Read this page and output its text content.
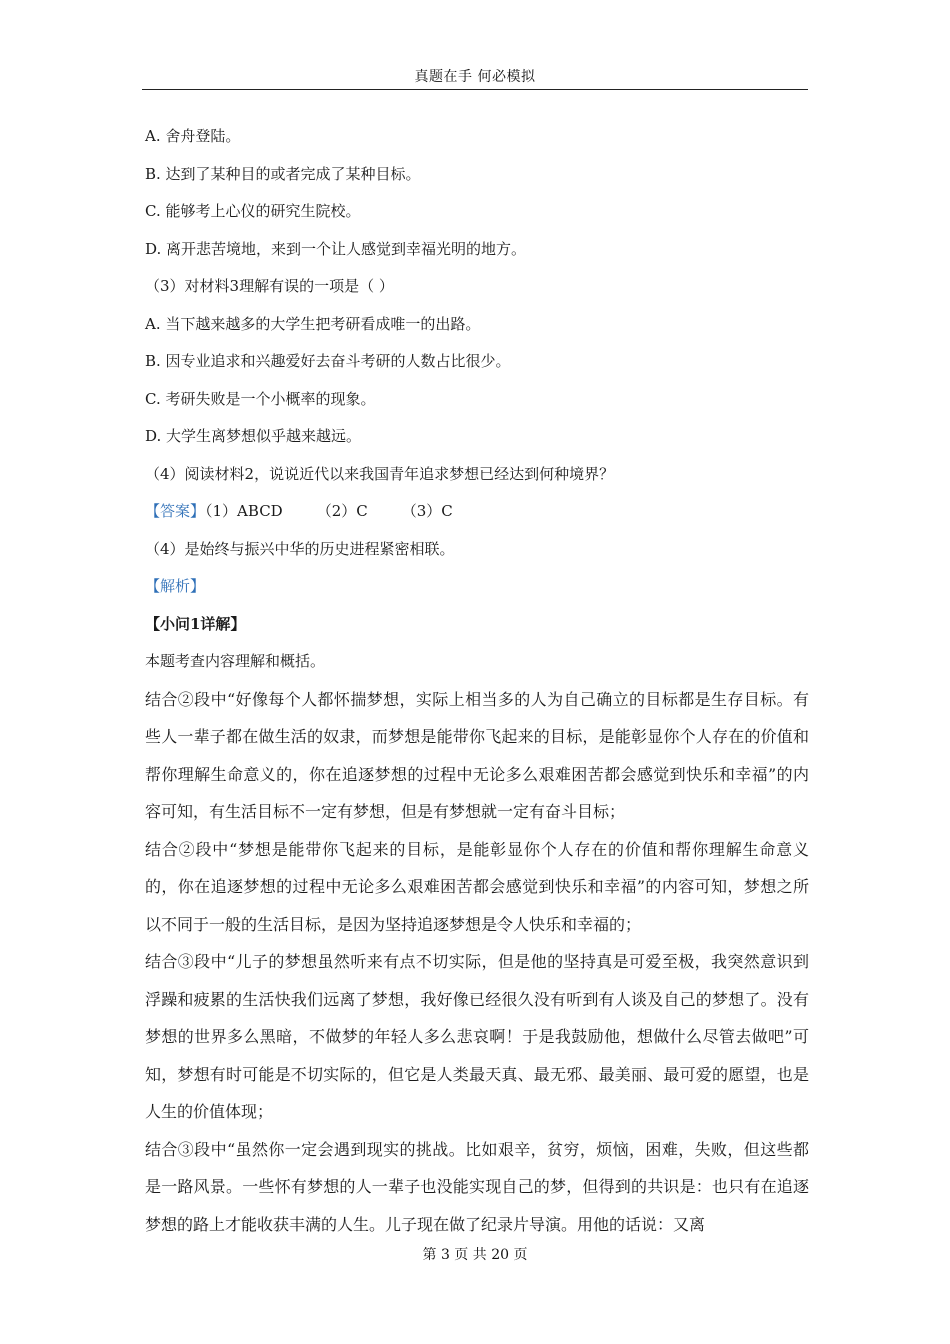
真题在手 何必模拟
A. 舍舟登陆。
B. 达到了某种目的或者完成了某种目标。
C. 能够考上心仪的研究生院校。
D. 离开悲苦境地，来到一个让人感觉到幸福光明的地方。
（3）对材料3理解有误的一项是（ ）
A. 当下越来越多的大学生把考研看成唯一的出路。
B. 因专业追求和兴趣爱好去奋斗考研的人数占比很少。
C. 考研失败是一个小概率的现象。
D. 大学生离梦想似乎越来越远。
（4）阅读材料2，说说近代以来我国青年追求梦想已经达到何种境界？
【答案】（1）ABCD （2）C （3）C
（4）是始终与振兴中华的历史进程紧密相联。
【解析】
【小问1详解】
本题考查内容理解和概括。
结合②段中“好像每个人都怀揣梦想，实际上相当多的人为自己确立的目标都是生存目标。有些人一辈子都在做生活的奴隶，而梦想是能带你飞起来的目标，是能彰显你个人存在的价值和帮你理解生命意义的，你在追逐梦想的过程中无论多么艰难困苦都会感觉到快乐和幸福”的内容可知，有生活目标不一定有梦想，但是有梦想就一定有奋斗目标；
结合②段中“梦想是能带你飞起来的目标，是能彰显你个人存在的价值和帮你理解生命意义的，你在追逐梦想的过程中无论多么艰难困苦都会感觉到快乐和幸福”的内容可知，梦想之所以不同于一般的生活目标，是因为坚持追逐梦想是令人快乐和幸福的；
结合③段中“儿子的梦想虽然听来有点不切实际，但是他的坚持真是可爱至极，我突然意识到浮躁和疲累的生活快我们远离了梦想，我好像已经很久没有听到有人谈及自己的梦想了。没有梦想的世界多么黑暗，不做梦的年轻人多么悲哀啊！于是我鼓励他，想做什么尽管去做吧”可知，梦想有时可能是不切实际的，但它是人类最天真、最无邪、最美丽、最可爱的愿望，也是人生的价值体现；
结合③段中“虽然你一定会遇到现实的挑战。比如艰辛，贫穷，烦恼，困难，失败，但这些都是一路风景。一些怀有梦想的人一辈子也没能实现自己的梦，但得到的共识是：也只有在追逐梦想的路上才能收获丰满的人生。儿子现在做了纪录片导演。用他的话说：又离
第 3 页 共 20 页
